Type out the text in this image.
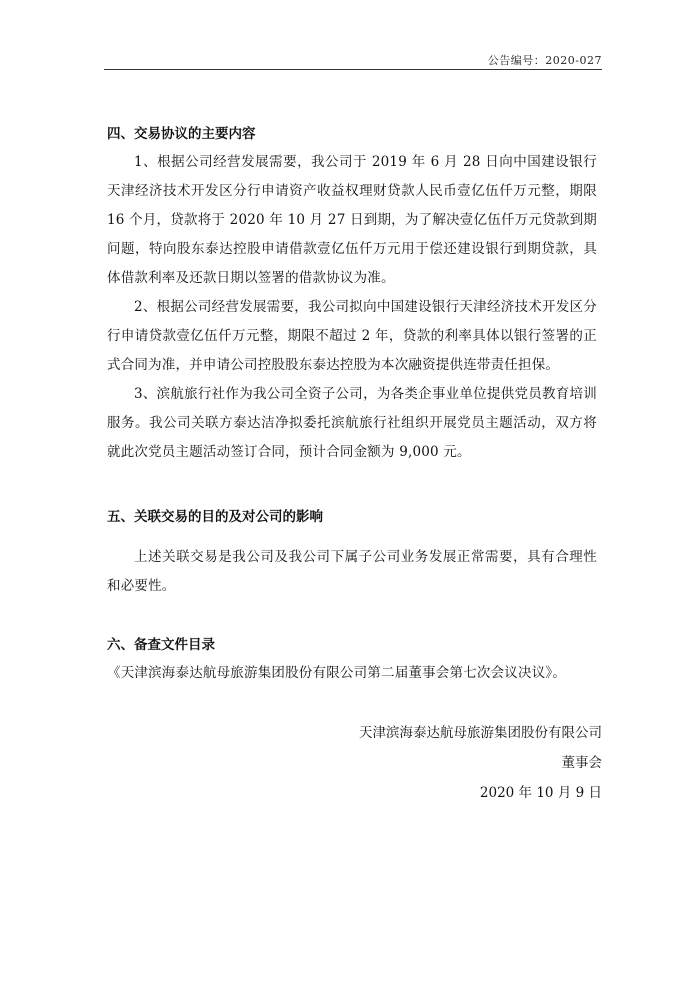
公告编号：2020-027

四、交易协议的主要内容

1、根据公司经营发展需要，我公司于 2019 年 6 月 28 日向中国建设银行天津经济技术开发区分行申请资产收益权理财贷款人民币壹亿伍仟万元整，期限 16 个月，贷款将于 2020 年 10 月 27 日到期，为了解决壹亿伍仟万元贷款到期问题，特向股东泰达控股申请借款壹亿伍仟万元用于偿还建设银行到期贷款，具体借款利率及还款日期以签署的借款协议为准。

2、根据公司经营发展需要，我公司拟向中国建设银行天津经济技术开发区分行申请贷款壹亿伍仟万元整，期限不超过 2 年，贷款的利率具体以银行签署的正式合同为准，并申请公司控股股东泰达控股为本次融资提供连带责任担保。

3、滨航旅行社作为我公司全资子公司，为各类企事业单位提供党员教育培训服务。我公司关联方泰达洁净拟委托滨航旅行社组织开展党员主题活动，双方将就此次党员主题活动签订合同，预计合同金额为 9,000 元。

五、关联交易的目的及对公司的影响

上述关联交易是我公司及我公司下属子公司业务发展正常需要，具有合理性和必要性。

六、备查文件目录

《天津滨海泰达航母旅游集团股份有限公司第二届董事会第七次会议决议》。

天津滨海泰达航母旅游集团股份有限公司
董事会
2020 年 10 月 9 日
